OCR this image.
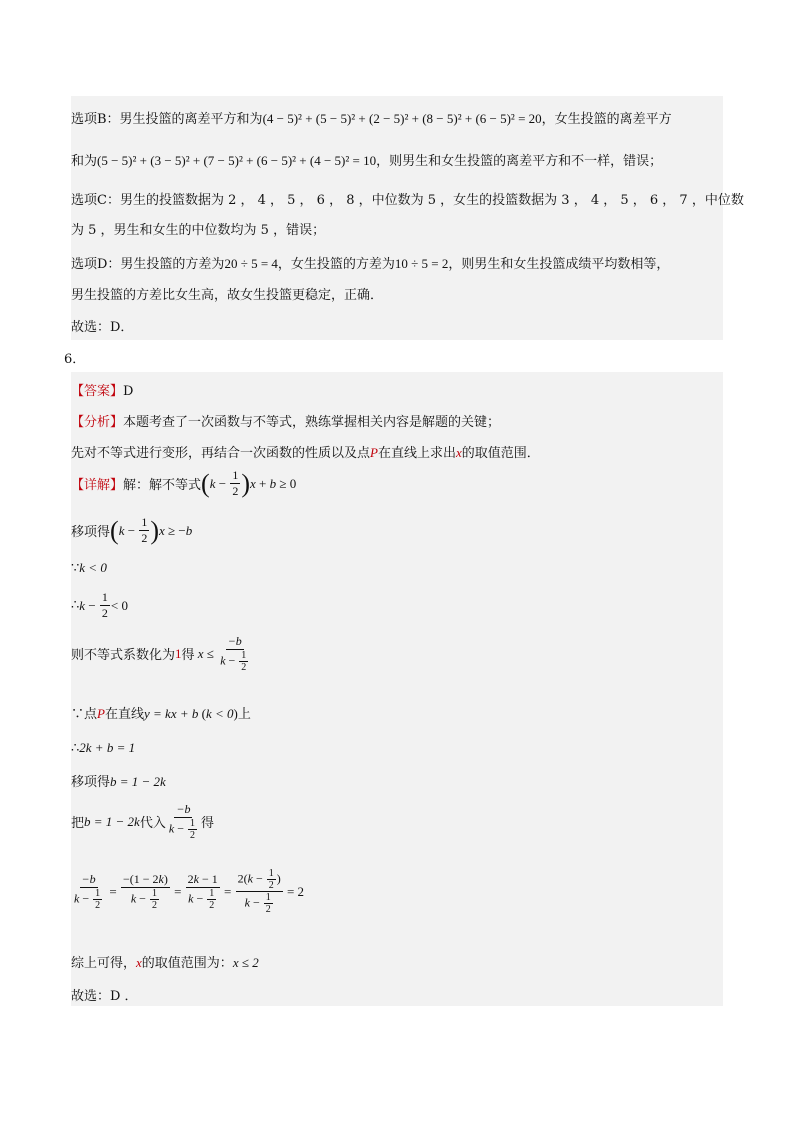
选项B：男生投篮的离差平方和为(4 − 5)² + (5 − 5)² + (2 − 5)² + (8 − 5)² + (6 − 5)² = 20，女生投篮的离差平方
和为(5 − 5)² + (3 − 5)² + (7 − 5)² + (6 − 5)² + (4 − 5)² = 10，则男生和女生投篮的离差平方和不一样，错误；
选项C：男生的投篮数据为 2 ， 4 ， 5 ， 6 ， 8 ，中位数为 5 ，女生的投篮数据为 3 ， 4 ， 5 ， 6 ， 7 ，中位数
为 5 ，男生和女生的中位数均为 5 ，错误；
选项D：男生投篮的方差为20 ÷ 5 = 4，女生投篮的方差为10 ÷ 5 = 2，则男生和女生投篮成绩平均数相等，
男生投篮的方差比女生高，故女生投篮更稳定，正确．
故选：D．
6．
【答案】D
【分析】本题考查了一次函数与不等式，熟练掌握相关内容是解题的关键；
先对不等式进行变形，再结合一次函数的性质以及点P在直线上求出x的取值范围．
【详解】 解：解不等式 ( $k - \frac{1}{2}$ ) x + b ≥ 0
移项得 ( $k - \frac{1}{2}$ ) x ≥ −b
∵k < 0
∴ $k - \frac{1}{2} < 0$
则不等式系数化为 1 得 $x \le \frac{-b}{k - \frac{1}{2}}$
∵点P在直线y = kx + b (k < 0)上
∴2k + b = 1
移项得b = 1 − 2k
把 b = 1 − 2k 代入 $\frac{-b}{k - \frac{1}{2}}$ 得
$\frac{-b}{k - \frac{1}{2}} = \frac{-(1 - 2k)}{k - \frac{1}{2}} = \frac{2k - 1}{k - \frac{1}{2}} = \frac{2(k - \frac{1}{2} )}{k - \frac{1}{2}} = 2$
综上可得，x的取值范围为：x ≤ 2
故选：D ．
